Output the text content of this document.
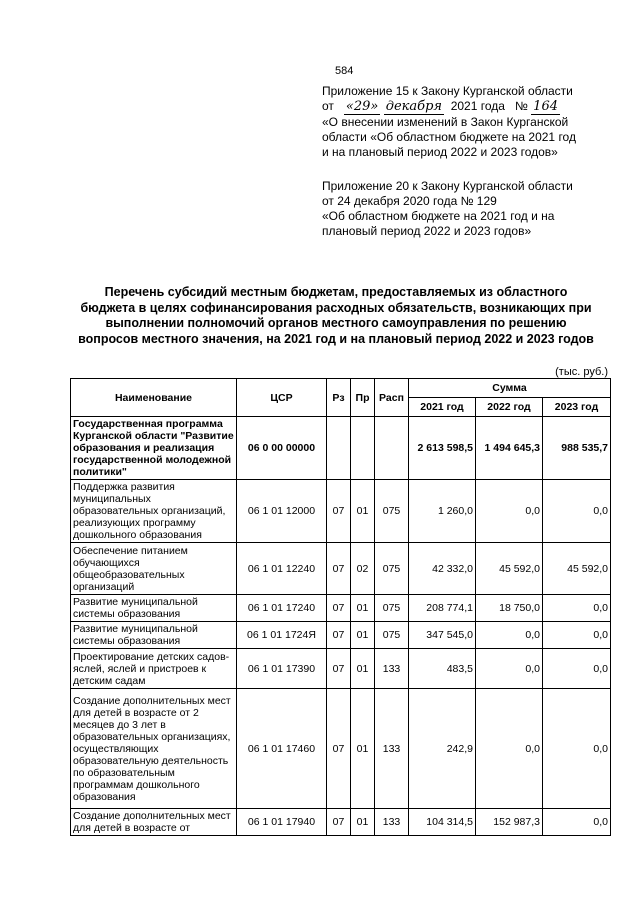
584
Приложение 15 к Закону Курганской области
от «29» декабря 2021 года № 164
«О внесении изменений в Закон Курганской
области «Об областном бюджете на 2021 год
и на плановый период 2022 и 2023 годов»
Приложение 20 к Закону Курганской области
от 24 декабря 2020 года № 129
«Об областном бюджете на 2021 год и на
плановый период 2022 и 2023 годов»
Перечень субсидий местным бюджетам, предоставляемых из областного
бюджета в целях софинансирования расходных обязательств, возникающих при
выполнении полномочий органов местного самоуправления по решению
вопросов местного значения, на 2021 год и на плановый период 2022 и 2023 годов
(тыс. руб.)
Наименование	ЦСР	Рз	Пр	Расп	Сумма		
					2021 год	2022 год	2023 год
Государственная программа Курганской области "Развитие образования и реализация государственной молодежной политики"	06 0 00 00000				2 613 598,5	1 494 645,3	988 535,7
Поддержка развития муниципальных образовательных организаций, реализующих программу дошкольного образования	06 1 01 12000	07	01	075	1 260,0	0,0	0,0
Обеспечение питанием обучающихся общеобразовательных организаций	06 1 01 12240	07	02	075	42 332,0	45 592,0	45 592,0
Развитие муниципальной системы образования	06 1 01 17240	07	01	075	208 774,1	18 750,0	0,0
Развитие муниципальной системы образования	06 1 01 1724Я	07	01	075	347 545,0	0,0	0,0
Проектирование детских садов-яслей, яслей и пристроев к детским садам	06 1 01 17390	07	01	133	483,5	0,0	0,0
Создание дополнительных мест для детей в возрасте от 2 месяцев до 3 лет в образовательных организациях, осуществляющих образовательную деятельность по образовательным программам дошкольного образования	06 1 01 17460	07	01	133	242,9	0,0	0,0
Создание дополнительных мест для детей в возрасте от	06 1 01 17940	07	01	133	104 314,5	152 987,3	0,0
